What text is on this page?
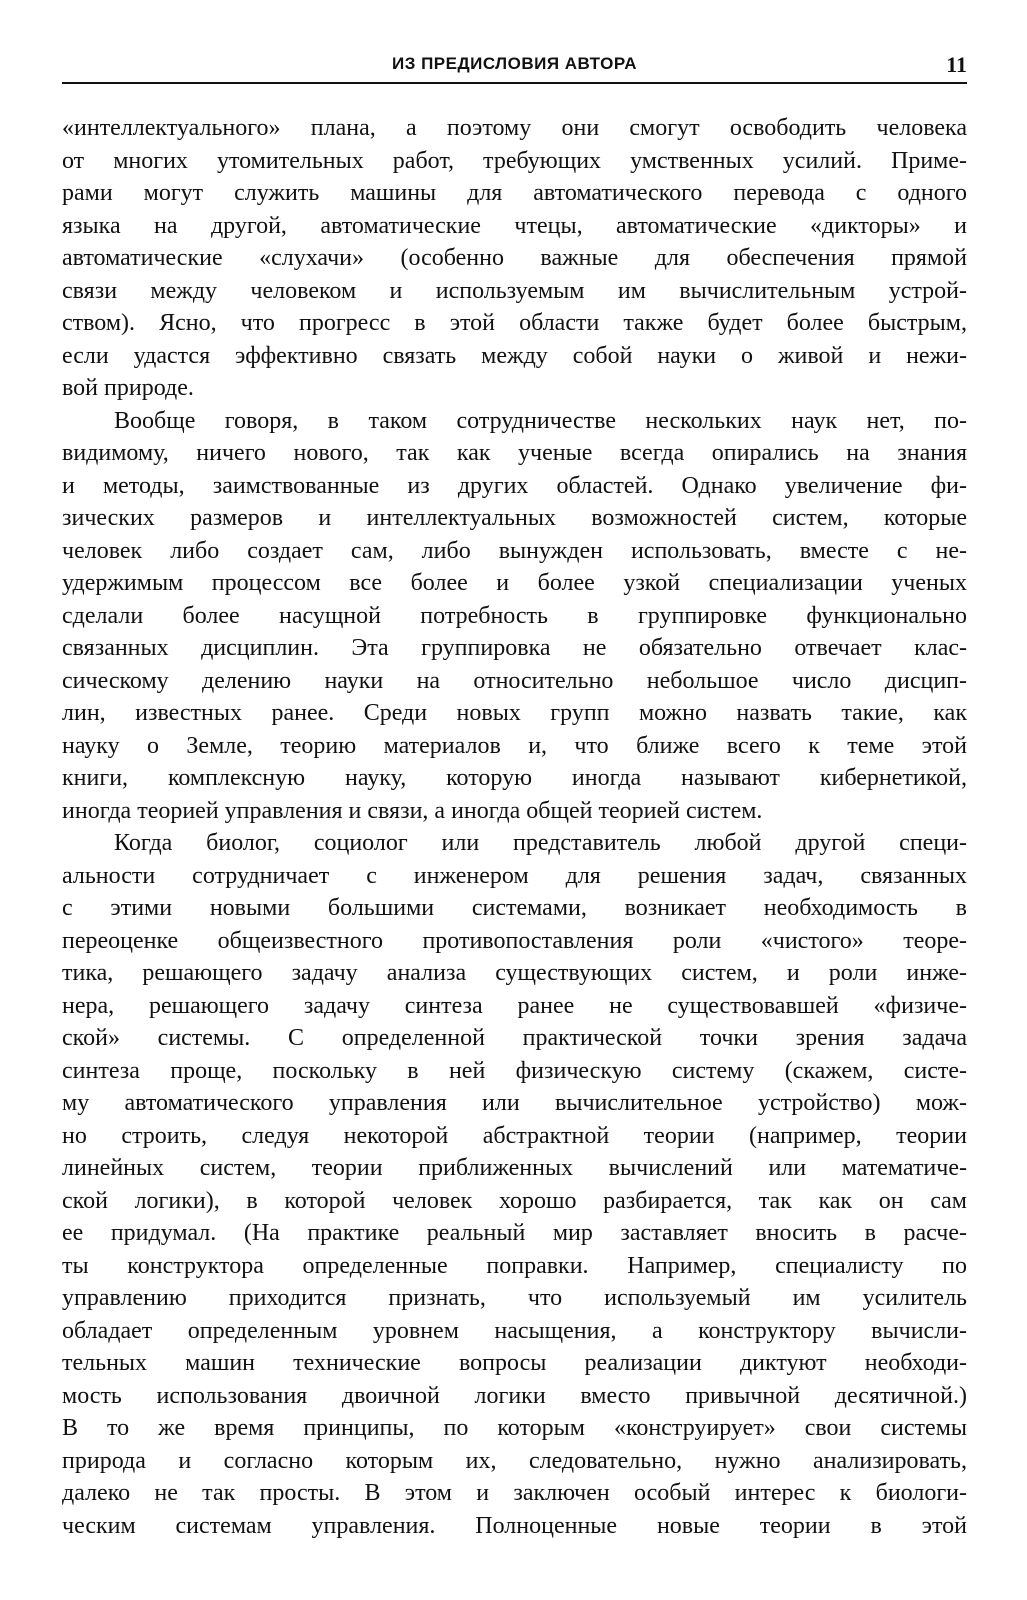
ИЗ ПРЕДИСЛОВИЯ АВТОРА	11
«интеллектуального» плана, а поэтому они смогут освободить человека
от многих утомительных работ, требующих умственных усилий. Приме-
рами могут служить машины для автоматического перевода с одного
языка на другой, автоматические чтецы, автоматические «дикторы» и
автоматические «слухачи» (особенно важные для обеспечения прямой
связи между человеком и используемым им вычислительным устрой-
ством). Ясно, что прогресс в этой области также будет более быстрым,
если удастся эффективно связать между собой науки о живой и нежи-
вой природе.
Вообще говоря, в таком сотрудничестве нескольких наук нет, по-
видимому, ничего нового, так как ученые всегда опирались на знания
и методы, заимствованные из других областей. Однако увеличение фи-
зических размеров и интеллектуальных возможностей систем, которые
человек либо создает сам, либо вынужден использовать, вместе с не-
удержимым процессом все более и более узкой специализации ученых
сделали более насущной потребность в группировке функционально
связанных дисциплин. Эта группировка не обязательно отвечает клас-
сическому делению науки на относительно небольшое число дисцип-
лин, известных ранее. Среди новых групп можно назвать такие, как
науку о Земле, теорию материалов и, что ближе всего к теме этой
книги, комплексную науку, которую иногда называют кибернетикой,
иногда теорией управления и связи, а иногда общей теорией систем.
Когда биолог, социолог или представитель любой другой специ-
альности сотрудничает с инженером для решения задач, связанных
с этими новыми большими системами, возникает необходимость в
переоценке общеизвестного противопоставления роли «чистого» теоре-
тика, решающего задачу анализа существующих систем, и роли инже-
нера, решающего задачу синтеза ранее не существовавшей «физиче-
ской» системы. С определенной практической точки зрения задача
синтеза проще, поскольку в ней физическую систему (скажем, систе-
му автоматического управления или вычислительное устройство) мож-
но строить, следуя некоторой абстрактной теории (например, теории
линейных систем, теории приближенных вычислений или математиче-
ской логики), в которой человек хорошо разбирается, так как он сам
ее придумал. (На практике реальный мир заставляет вносить в расче-
ты конструктора определенные поправки. Например, специалисту по
управлению приходится признать, что используемый им усилитель
обладает определенным уровнем насыщения, а конструктору вычисли-
тельных машин технические вопросы реализации диктуют необходи-
мость использования двоичной логики вместо привычной десятичной.)
В то же время принципы, по которым «конструирует» свои системы
природа и согласно которым их, следовательно, нужно анализировать,
далеко не так просты. В этом и заключен особый интерес к биологи-
ческим системам управления. Полноценные новые теории в этой
